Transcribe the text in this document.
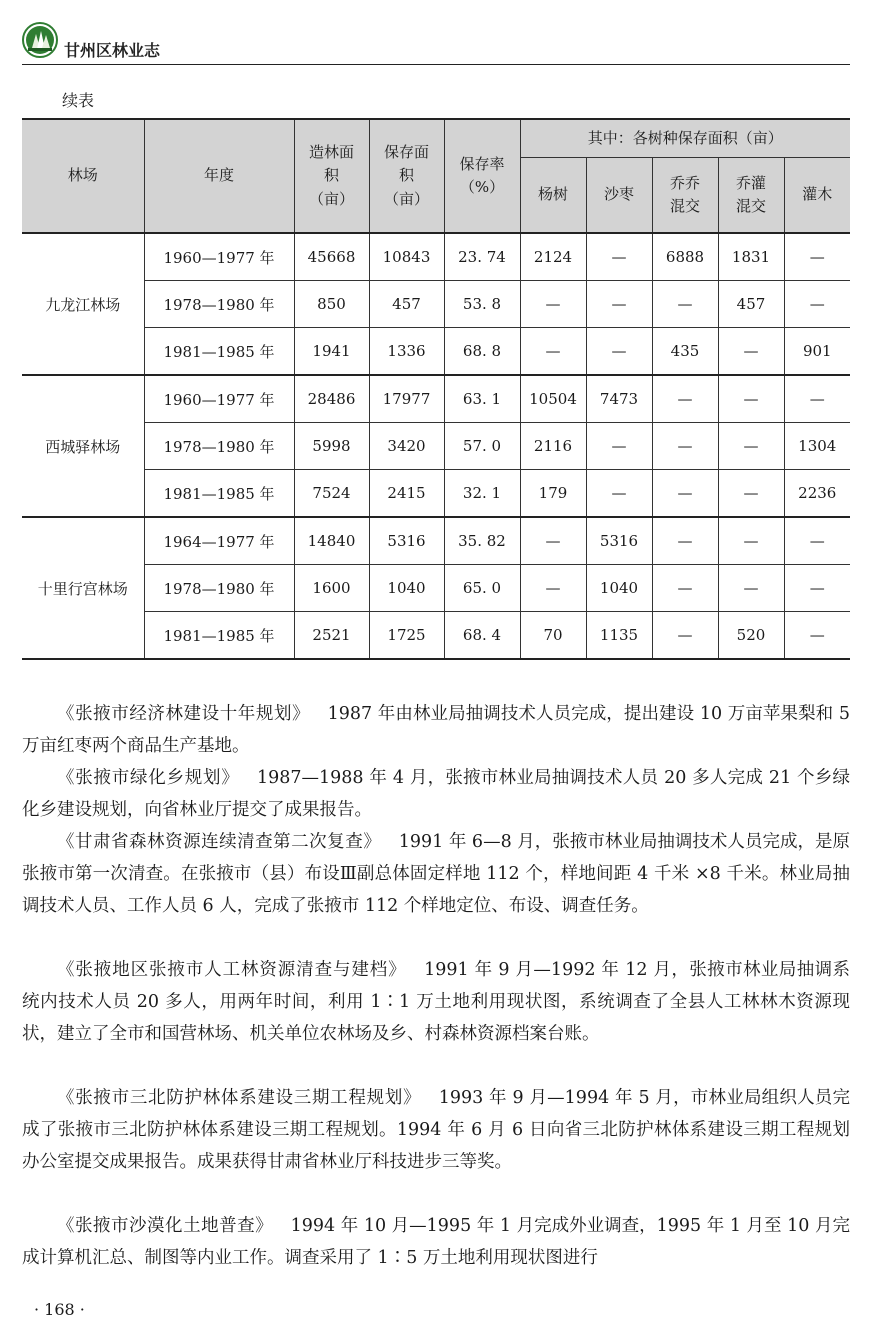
甘州区林业志
续表
林场	年度	造林面积（亩）	保存面积（亩）	保存率（%）	其中：各树种保存面积（亩）				
					杨树	沙枣	乔乔混交	乔灌混交	灌木
九龙江林场	1960—1977 年	45668	10843	23. 74	2124	—	6888	1831	—
	1978—1980 年	850	457	53. 8	—	—	—	457	—
	1981—1985 年	1941	1336	68. 8	—	—	435	—	901
西城驿林场	1960—1977 年	28486	17977	63. 1	10504	7473	—	—	—
	1978—1980 年	5998	3420	57. 0	2116	—	—	—	1304
	1981—1985 年	7524	2415	32. 1	179	—	—	—	2236
十里行宫林场	1964—1977 年	14840	5316	35. 82	—	5316	—	—	—
	1978—1980 年	1600	1040	65. 0	—	1040	—	—	—
	1981—1985 年	2521	1725	68. 4	70	1135	—	520	—

《张掖市经济林建设十年规划》  1987 年由林业局抽调技术人员完成，提出建设 10 万亩苹果梨和 5 万亩红枣两个商品生产基地。

《张掖市绿化乡规划》  1987—1988 年 4 月，张掖市林业局抽调技术人员 20 多人完成 21 个乡绿化乡建设规划，向省林业厅提交了成果报告。

《甘肃省森林资源连续清查第二次复查》  1991 年 6—8 月，张掖市林业局抽调技术人员完成，是原张掖市第一次清查。在张掖市（县）布设Ⅲ副总体固定样地 112 个，样地间距 4 千米 ×8 千米。林业局抽调技术人员、工作人员 6 人，完成了张掖市 112 个样地定位、布设、调查任务。

《张掖地区张掖市人工林资源清查与建档》  1991 年 9 月—1992 年 12 月，张掖市林业局抽调系统内技术人员 20 多人，用两年时间，利用 1∶1 万土地利用现状图，系统调查了全县人工林林木资源现状，建立了全市和国营林场、机关单位农林场及乡、村森林资源档案台账。

《张掖市三北防护林体系建设三期工程规划》  1993 年 9 月—1994 年 5 月，市林业局组织人员完成了张掖市三北防护林体系建设三期工程规划。1994 年 6 月 6 日向省三北防护林体系建设三期工程规划办公室提交成果报告。成果获得甘肃省林业厅科技进步三等奖。

《张掖市沙漠化土地普查》  1994 年 10 月—1995 年 1 月完成外业调查，1995 年 1 月至 10 月完成计算机汇总、制图等内业工作。调查采用了 1∶5 万土地利用现状图进行

· 168 ·
